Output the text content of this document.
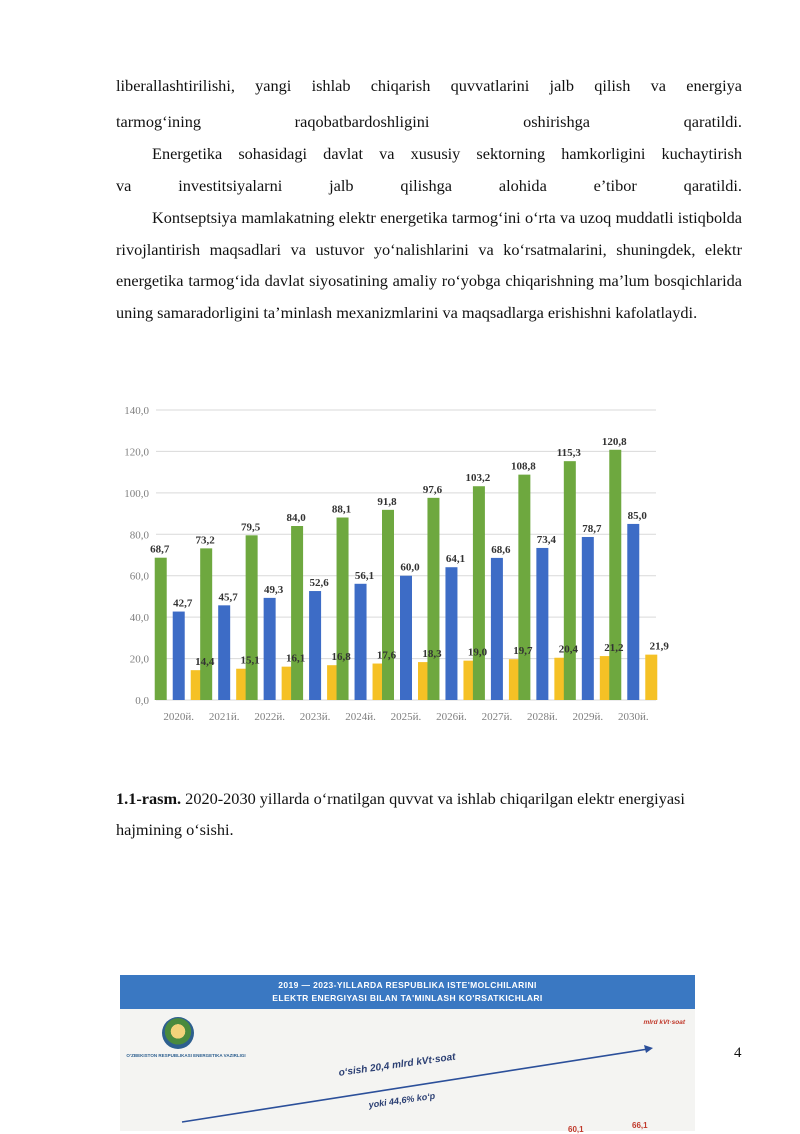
liberallashtirilishi, yangi ishlab chiqarish quvvatlarini jalb qilish va energiya

tarmog‘ining raqobatbardoshligini oshirishga qaratildi.

Energetika sohasidagi davlat va xususiy sektorning hamkorligini kuchaytirish

va investitsiyalarni jalb qilishga alohida e’tibor qaratildi.

Kontseptsiya mamlakatning elektr energetika tarmog‘ini o‘rta va uzoq muddatli istiqbolda rivojlantirish maqsadlari va ustuvor yo‘nalishlarini va ko‘rsatmalarini, shuningdek, elektr energetika tarmog‘ida davlat siyosatining amaliy ro‘yobga chiqarishning ma’lum bosqichlarida uning samaradorligini ta’minlash mexanizmlarini va maqsadlarga erishishni kafolatlaydi.

0,0
20,0
40,0
60,0
80,0
100,0
120,0
140,0
68,7
42,7
14,4
73,2
45,7
15,1
79,5
49,3
16,1
84,0
52,6
16,8
88,1
56,1
17,6
91,8
60,0
18,3
97,6
64,1
19,0
103,2
68,6
19,7
108,8
73,4
20,4
115,3
78,7
21,2
120,8
85,0
21,9
2020й. 2021й. 2022й. 2023й. 2024й. 2025й. 2026й. 2027й. 2028й. 2029й. 2030й.
1.1-rasm. 2020-2030 yillarda o‘rnatilgan quvvat va ishlab chiqarilgan elektr energiyasi hajmining o‘sishi.
4
2019 — 2023-YILLARDA RESPUBLIKA ISTE'MOLCHILARINI
ELEKTR ENERGIYASI BILAN TA'MINLASH KO'RSATKICHLARI
O‘ZBEKISTON RESPUBLIKASI ENERGETIKA VAZIRLIGI
mlrd kVt·soat
o‘sish 20,4 mlrd kVt·soat
yoki 44,6% ko‘p
66,1
60,1
